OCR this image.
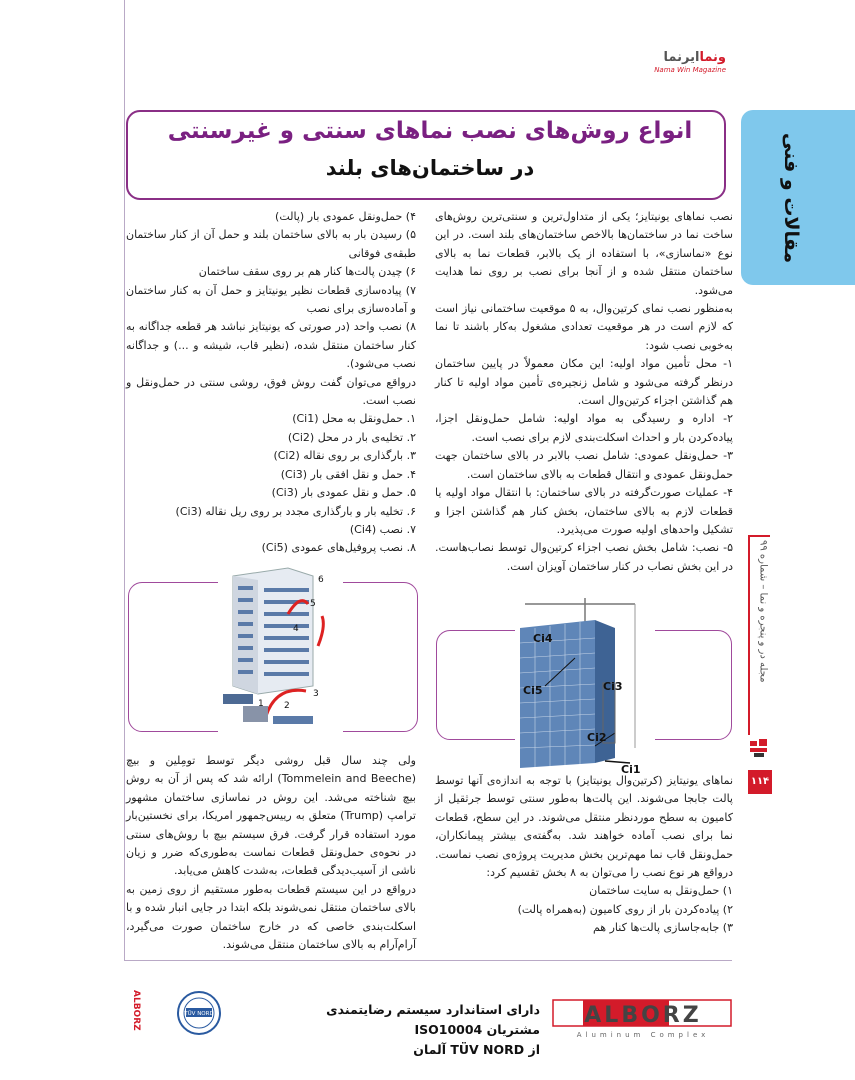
ونماایرنما
Nama Win Magazine
انواع روش‌های نصب نماهای سنتی و غیرسنتی
در ساختمان‌های بلند	مقالات و فنی
مجله در و پنجره و نما – شماره ۹۹
۱۱۴

نصب نماهای یونیتایز؛ یکی از متداول‌ترین و سنتی‌ترین روش‌های ساخت نما در ساختمان‌ها بالاخص ساختمان‌های بلند است. در این نوع «نماسازی»، با استفاده از یک بالابر، قطعات نما به بالای ساختمان منتقل شده و از آنجا برای نصب بر روی نما هدایت می‌شود.

به‌منظور نصب نمای کرتین‌وال، به ۵ موقعیت ساختمانی نیاز است که لازم است در هر موقعیت تعدادی مشغول به‌کار باشند تا نما به‌خوبی نصب شود:

۱- محل تأمین مواد اولیه: این مکان معمولاً در پایین ساختمان درنظر گرفته می‌شود و شامل زنجیره‌ی تأمین مواد اولیه تا کنار هم گذاشتن اجزاء کرتین‌وال است.

۲- اداره و رسیدگی به مواد اولیه: شامل حمل‌ونقل اجزا، پیاده‌کردن بار و احداث اسکلت‌بندی لازم برای نصب است.

۳- حمل‌ونقل عمودی: شامل نصب بالابر در بالای ساختمان جهت حمل‌ونقل عمودی و انتقال قطعات به بالای ساختمان است.

۴- عملیات صورت‌گرفته در بالای ساختمان: با انتقال مواد اولیه یا قطعات لازم به بالای ساختمان، بخش کنار هم گذاشتن اجزا و تشکیل واحدهای اولیه صورت می‌پذیرد.

۵- نصب: شامل بخش نصب اجزاء کرتین‌وال توسط نصاب‌هاست. در این بخش نصاب در کنار ساختمان آویزان است.

۴) حمل‌ونقل عمودی بار (پالت)

۵) رسیدن بار به بالای ساختمان بلند و حمل آن از کنار ساختمان طبقه‌ی فوقانی

۶) چیدن پالت‌ها کنار هم بر روی سقف ساختمان

۷) پیاده‌سازی قطعات نظیر یونیتایز و حمل آن به کنار ساختمان و آماده‌سازی برای نصب

۸) نصب واحد (در صورتی که یونیتایز نباشد هر قطعه جداگانه به کنار ساختمان منتقل شده، (نظیر قاب، شیشه و ...) و جداگانه نصب می‌شود).

درواقع می‌توان گفت روش فوق، روشی سنتی در حمل‌ونقل و نصب است.

۱. حمل‌ونقل به محل (Ci1)

۲. تخلیه‌ی بار در محل (Ci2)

۳. بارگذاری بر روی نقاله (Ci2)

۴. حمل و نقل افقی بار (Ci3)

۵. حمل و نقل عمودی بار (Ci3)

۶. تخلیه بار و بارگذاری مجدد بر روی ریل نقاله (Ci3)

۷. نصب (Ci4)

۸. نصب پروفیل‌های عمودی (Ci5)

5
6
4
3
2
1
Ci4
Ci5	Ci3
Ci2
Ci1

نماهای یونیتایز (کرتین‌وال یونیتایز) با توجه به اندازه‌ی آنها توسط پالت جابجا می‌شوند. این پالت‌ها به‌طور سنتی توسط جرثقیل از کامیون به سطح موردنظر منتقل می‌شوند. در این سطح، قطعات نما برای نصب آماده خواهند شد. به‌گفته‌ی بیشتر پیمانکاران، حمل‌ونقل قاب نما مهم‌ترین بخش مدیریت پروژه‌ی نصب نماست. درواقع هر نوع نصب را می‌توان به ۸ بخش تقسیم کرد:

۱) حمل‌ونقل به سایت ساختمان

۲) پیاده‌کردن بار از روی کامیون (به‌همراه پالت)

۳) جابه‌جاسازی پالت‌ها کنار هم

ولی چند سال قبل روشی دیگر توسط تومِلین و بیچ (Tommelein and Beeche) ارائه شد که پس از آن به روش بیچ شناخته می‌شد. این روش در نماسازی ساختمان مشهور ترامپ (Trump) متعلق به رییس‌جمهور امریکا، برای نخستین‌بار مورد استفاده قرار گرفت. فرق سیستم بیچ با روش‌های سنتی در نحوه‌ی حمل‌ونقل قطعات نماست به‌طوری‌که ضرر و زیان ناشی از آسیب‌دیدگی قطعات، به‌شدت کاهش می‌یابد.

درواقع در این سیستم قطعات به‌طور مستقیم از روی زمین به بالای ساختمان منتقل نمی‌شوند بلکه ابتدا در جایی انبار شده و با اسکلت‌بندی خاصی که در خارج ساختمان صورت می‌گیرد، آرام‌آرام به بالای ساختمان منتقل می‌شوند.

ALBORZ
Aluminum Complex
دارای استاندارد سیستم رضایتمندی مشتریان ISO10004
از TÜV NORD آلمان
TÜV NORD
ALBORZ
